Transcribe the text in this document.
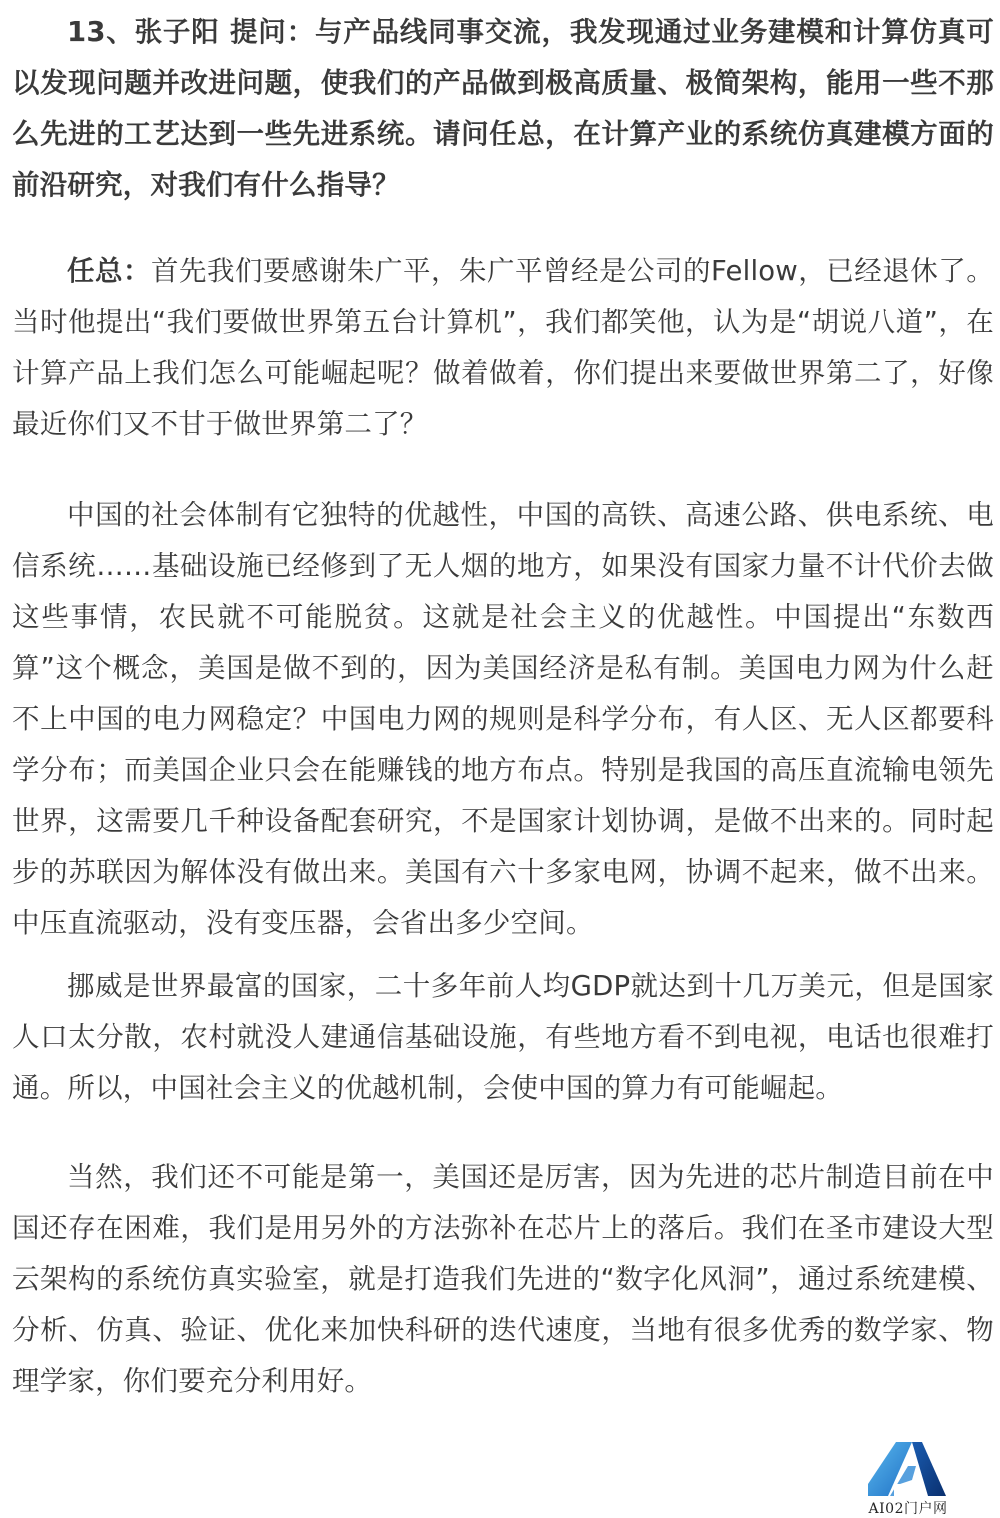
13、张子阳 提问：与产品线同事交流，我发现通过业务建模和计算仿真可以发现问题并改进问题，使我们的产品做到极高质量、极简架构，能用一些不那么先进的工艺达到一些先进系统。请问任总，在计算产业的系统仿真建模方面的前沿研究，对我们有什么指导？

任总：首先我们要感谢朱广平，朱广平曾经是公司的Fellow，已经退休了。当时他提出“我们要做世界第五台计算机”，我们都笑他，认为是“胡说八道”，在计算产品上我们怎么可能崛起呢？做着做着，你们提出来要做世界第二了，好像最近你们又不甘于做世界第二了？

中国的社会体制有它独特的优越性，中国的高铁、高速公路、供电系统、电信系统……基础设施已经修到了无人烟的地方，如果没有国家力量不计代价去做这些事情，农民就不可能脱贫。这就是社会主义的优越性。中国提出“东数西算”这个概念，美国是做不到的，因为美国经济是私有制。美国电力网为什么赶不上中国的电力网稳定？中国电力网的规则是科学分布，有人区、无人区都要科学分布；而美国企业只会在能赚钱的地方布点。特别是我国的高压直流输电领先世界，这需要几千种设备配套研究，不是国家计划协调，是做不出来的。同时起步的苏联因为解体没有做出来。美国有六十多家电网，协调不起来，做不出来。中压直流驱动，没有变压器，会省出多少空间。

挪威是世界最富的国家，二十多年前人均GDP就达到十几万美元，但是国家人口太分散，农村就没人建通信基础设施，有些地方看不到电视，电话也很难打通。所以，中国社会主义的优越机制，会使中国的算力有可能崛起。

当然，我们还不可能是第一，美国还是厉害，因为先进的芯片制造目前在中国还存在困难，我们是用另外的方法弥补在芯片上的落后。我们在圣市建设大型云架构的系统仿真实验室，就是打造我们先进的“数字化风洞”，通过系统建模、分析、仿真、验证、优化来加快科研的迭代速度，当地有很多优秀的数学家、物理学家，你们要充分利用好。

AI02门户网
